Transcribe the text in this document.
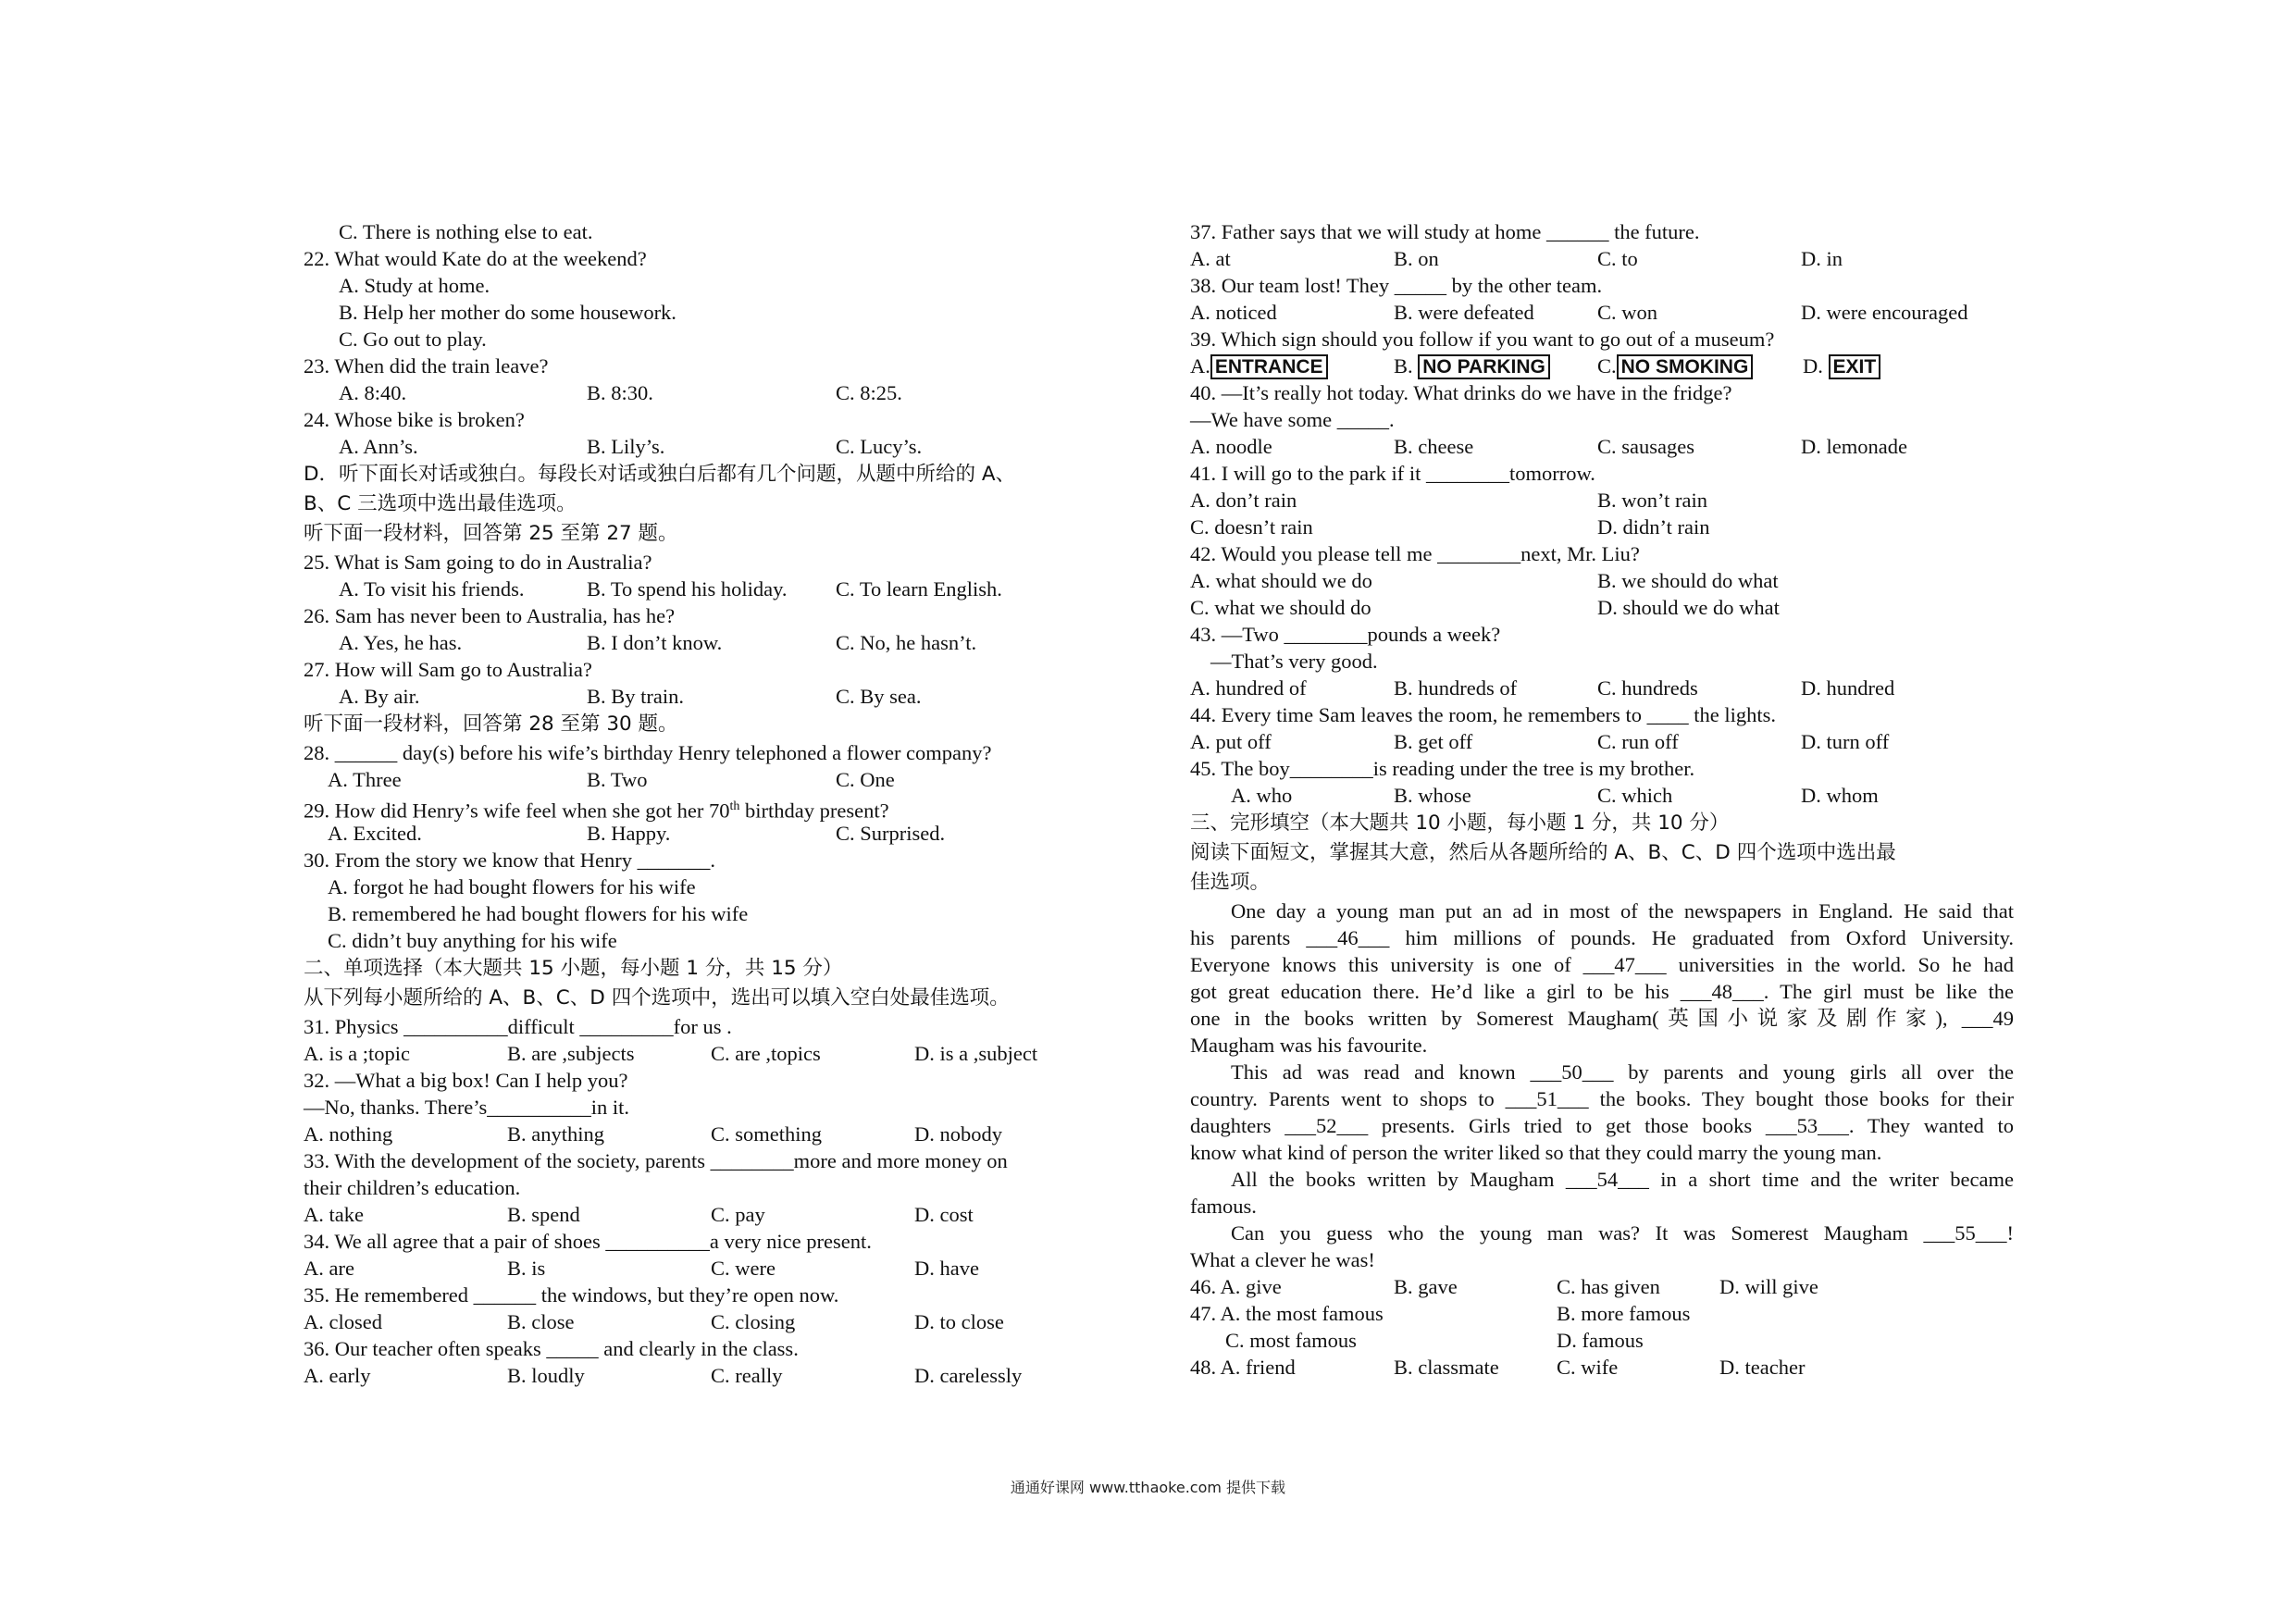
C. There is nothing else to eat.
22. What would Kate do at the weekend?
A. Study at home.
B. Help her mother do some housework.
C. Go out to play.
23. When did the train leave?
A. 8:40.	B. 8:30.	C. 8:25.
24. Whose bike is broken?
A. Ann’s.	B. Lily’s.	C. Lucy’s.
D．听下面长对话或独白。每段长对话或独白后都有几个问题，从题中所给的 A、
B、C 三选项中选出最佳选项。
听下面一段材料，回答第 25 至第 27 题。
25. What is Sam going to do in Australia?
A. To visit his friends.	B. To spend his holiday. C. To learn English.
26. Sam has never been to Australia, has he?
A. Yes, he has.	B. I don’t know.	C. No, he hasn’t.
27. How will Sam go to Australia?
A. By air.	B. By train.	C. By sea.
听下面一段材料，回答第 28 至第 30 题。
28. ______ day(s) before his wife’s birthday Henry telephoned a flower company?
A. Three	B. Two	C. One
29. How did Henry’s wife feel when she got her 70th birthday present?
A. Excited.	B. Happy.	C. Surprised.
30. From the story we know that Henry _______.
A. forgot he had bought flowers for his wife
B. remembered he had bought flowers for his wife
C. didn’t buy anything for his wife
二、单项选择（本大题共 15 小题，每小题 1 分，共 15 分）
从下列每小题所给的 A、B、C、D 四个选项中，选出可以填入空白处最佳选项。
31. Physics __________difficult _________for us .
A. is a ;topic	B. are ,subjects	C. are ,topics	D. is a ,subject
32. —What a big box! Can I help you?
—No, thanks. There’s__________in it.
A. nothing	B. anything	C. something	D. nobody
33. With the development of the society, parents ________more and more money on
their children’s education.
A. take	B. spend	C. pay	D. cost
34. We all agree that a pair of shoes __________a very nice present.
A. are	B. is	C. were	D. have
35. He remembered ______ the windows, but they’re open now.
A. closed	B. close	C. closing	D. to close
36. Our teacher often speaks _____ and clearly in the class.
A. early	B. loudly	C. really	D. carelessly
37. Father says that we will study at home ______ the future.
A. at	B. on	C. to	D. in
38. Our team lost! They _____ by the other team.
A. noticed	B. were defeated	C. won	D. were encouraged
39. Which sign should you follow if you want to go out of a museum?
A. ENTRANCE	B. NO PARKING C. NO SMOKING	D. EXIT
40. —It’s really hot today. What drinks do we have in the fridge?
—We have some _____.
A. noodle	B. cheese	C. sausages	D. lemonade
41. I will go to the park if it ________tomorrow.
A. don’t rain	B. won’t rain
C. doesn’t rain	D. didn’t rain
42. Would you please tell me ________next, Mr. Liu?
A. what should we do	B. we should do what
C. what we should do	D. should we do what
43. —Two ________pounds a week?
—That’s very good.
A. hundred of	B. hundreds of	C. hundreds	D. hundred
44. Every time Sam leaves the room, he remembers to ____ the lights.
A. put off	B. get off	C. run off	D. turn off
45. The boy________is reading under the tree is my brother.
A. who	B. whose	C. which	D. whom
三、完形填空（本大题共 10 小题，每小题 1 分，共 10 分）
阅读下面短文，掌握其大意，然后从各题所给的 A、B、C、D 四个选项中选出最
佳选项。
One day a young man put an ad in most of the newspapers in England. He said that
his parents ___46___ him millions of pounds. He graduated from Oxford University.
Everyone knows this university is one of ___47___ universities in the world. So he had
got great education there. He’d like a girl to be his ___48___. The girl must be like the
one in the books written by Somerest Maugham(英国小说家及剧作家), ___49
Maugham was his favourite.
This ad was read and known ___50___ by parents and young girls all over the
country. Parents went to shops to ___51___ the books. They bought those books for their
daughters ___52___ presents. Girls tried to get those books ___53___. They wanted to
know what kind of person the writer liked so that they could marry the young man.
All the books written by Maugham ___54___ in a short time and the writer became
famous.
Can you guess who the young man was? It was Somerest Maugham ___55___!
What a clever he was!
46. A. give	B. gave	C. has given	D. will give
47. A. the most famous	B. more famous
C. most famous	D. famous
48. A. friend	B. classmate	C. wife	D. teacher
通通好课网 www.tthaoke.com 提供下载
